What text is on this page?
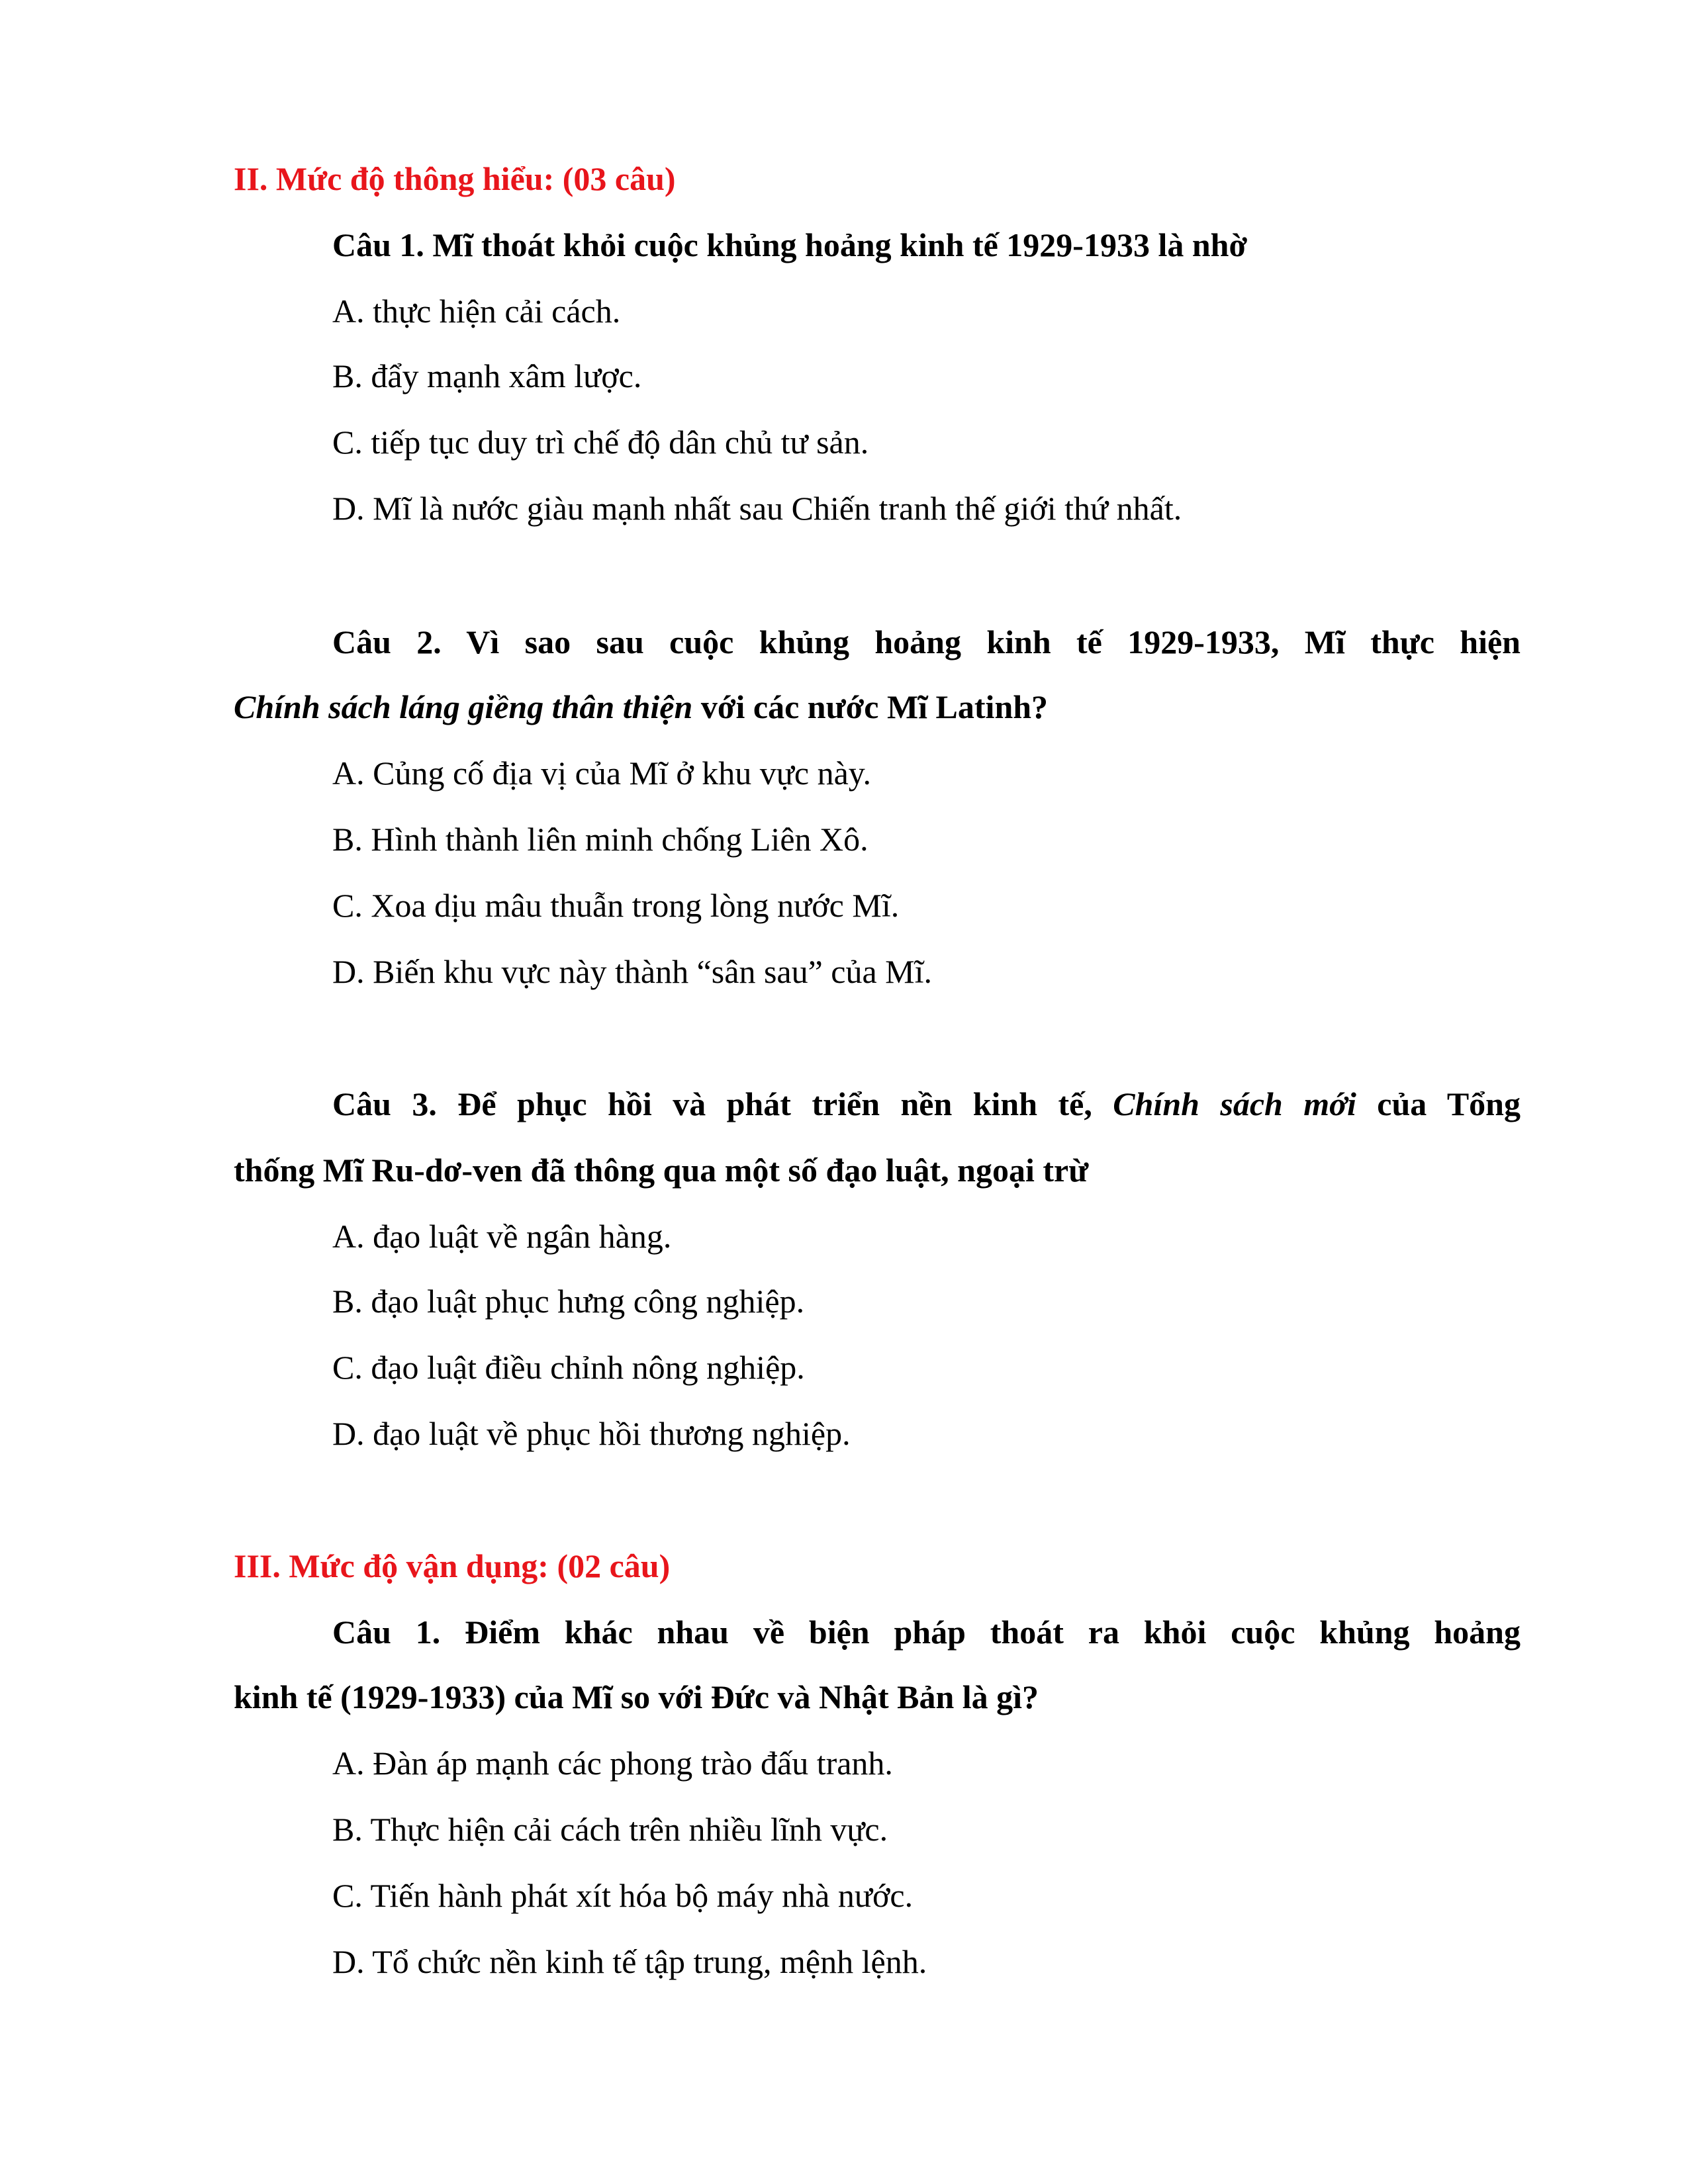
II. Mức độ thông hiểu: (03 câu)
Câu 1. Mĩ thoát khỏi cuộc khủng hoảng kinh tế 1929-1933 là nhờ
A. thực hiện cải cách.
B. đẩy mạnh xâm lược.
C. tiếp tục duy trì chế độ dân chủ tư sản.
D. Mĩ là nước giàu mạnh nhất sau Chiến tranh thế giới thứ nhất.
Câu 2. Vì sao sau cuộc khủng hoảng kinh tế 1929-1933, Mĩ thực hiện
Chính sách láng giềng thân thiện với các nước Mĩ Latinh?
A. Củng cố địa vị của Mĩ ở khu vực này.
B. Hình thành liên minh chống Liên Xô.
C. Xoa dịu mâu thuẫn trong lòng nước Mĩ.
D. Biến khu vực này thành “sân sau” của Mĩ.
Câu 3. Để phục hồi và phát triển nền kinh tế, Chính sách mới của Tổng
thống Mĩ Ru-dơ-ven đã thông qua một số đạo luật, ngoại trừ
A. đạo luật về ngân hàng.
B. đạo luật phục hưng công nghiệp.
C. đạo luật điều chỉnh nông nghiệp.
D. đạo luật về phục hồi thương nghiệp.
III. Mức độ vận dụng: (02 câu)
Câu 1. Điểm khác nhau về biện pháp thoát ra khỏi cuộc khủng hoảng
kinh tế (1929-1933) của Mĩ so với Đức và Nhật Bản là gì?
A. Đàn áp mạnh các phong trào đấu tranh.
B. Thực hiện cải cách trên nhiều lĩnh vực.
C. Tiến hành phát xít hóa bộ máy nhà nước.
D. Tổ chức nền kinh tế tập trung, mệnh lệnh.
